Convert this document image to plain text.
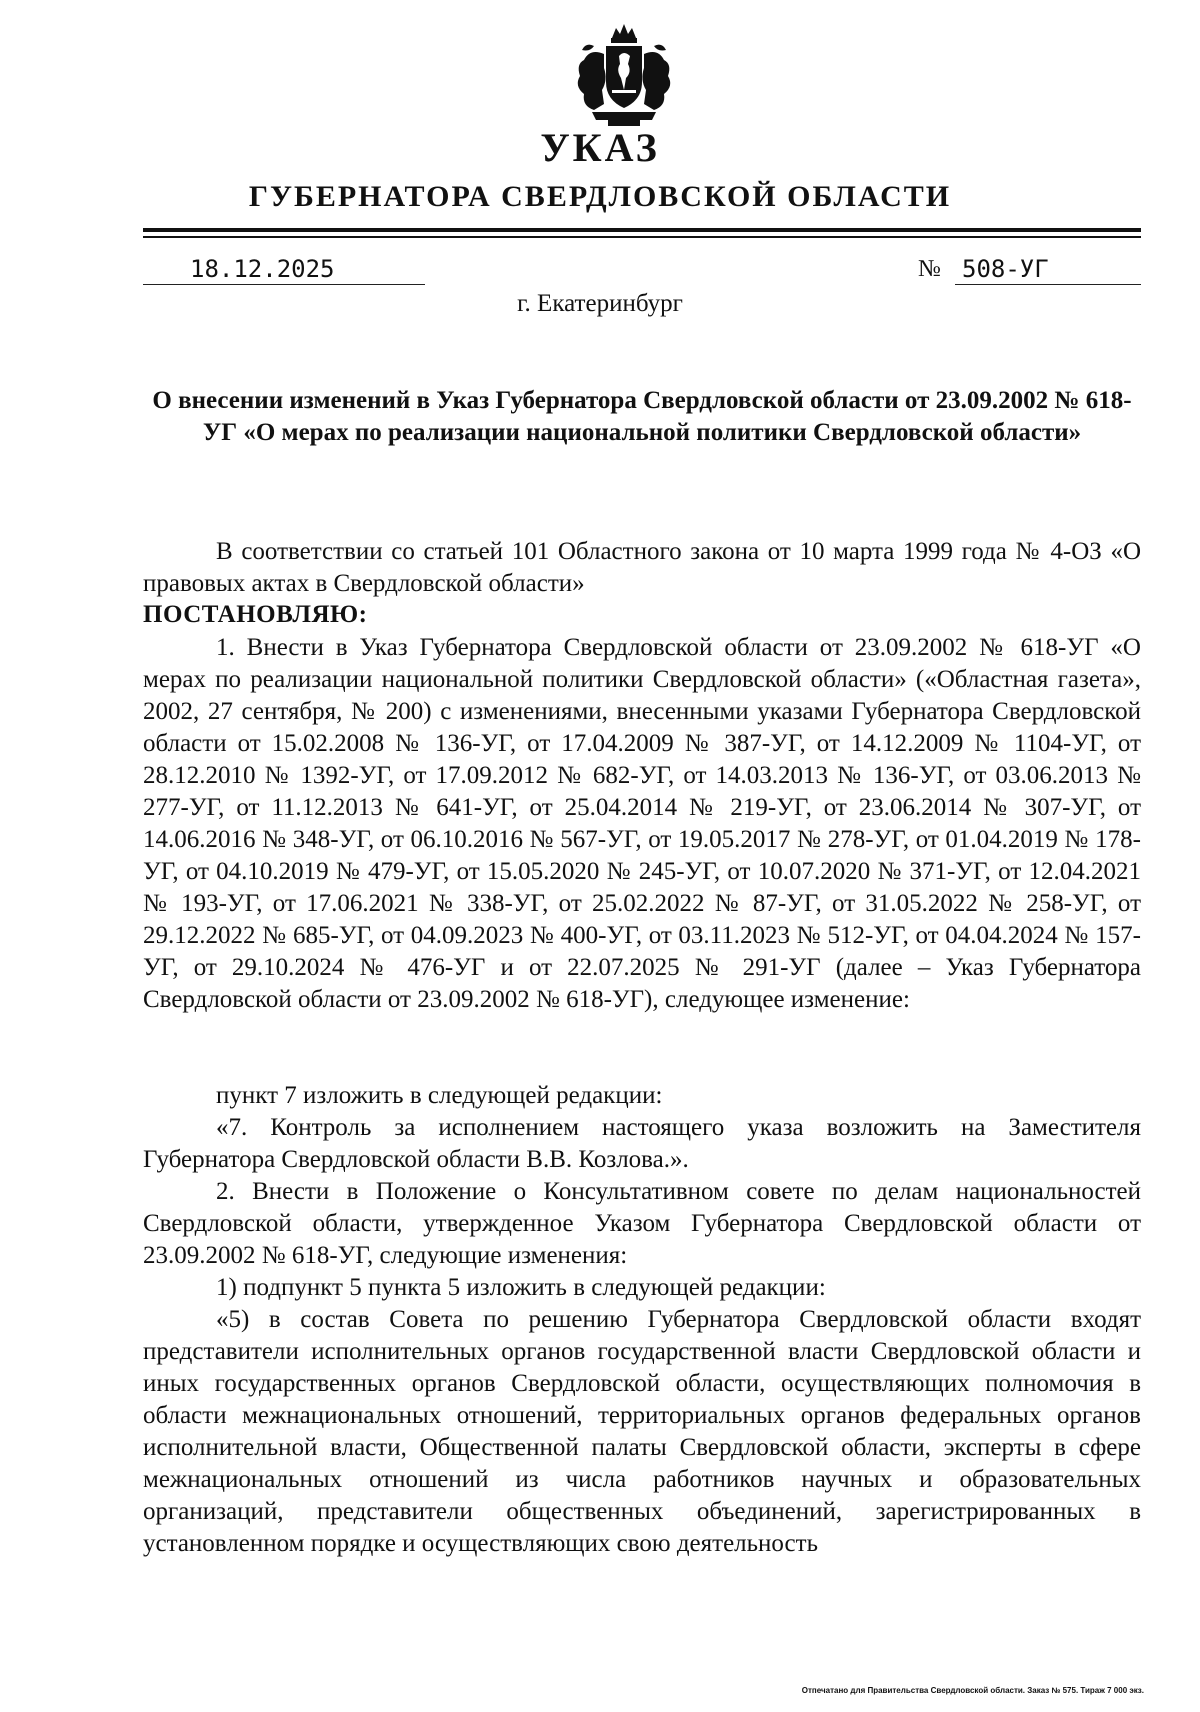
УКАЗ
ГУБЕРНАТОРА СВЕРДЛОВСКОЙ ОБЛАСТИ
18.12.2025	№ 508-УГ
г. Екатеринбург
О внесении изменений в Указ Губернатора Свердловской области от 23.09.2002 № 618-УГ «О мерах по реализации национальной политики Свердловской области»

В соответствии со статьей 101 Областного закона от 10 марта 1999 года № 4-ОЗ «О правовых актах в Свердловской области»

ПОСТАНОВЛЯЮ:

1. Внести в Указ Губернатора Свердловской области от 23.09.2002 № 618-УГ «О мерах по реализации национальной политики Свердловской области» («Областная газета», 2002, 27 сентября, № 200) с изменениями, внесенными указами Губернатора Свердловской области от 15.02.2008 № 136-УГ, от 17.04.2009 № 387-УГ, от 14.12.2009 № 1104-УГ, от 28.12.2010 № 1392-УГ, от 17.09.2012 № 682-УГ, от 14.03.2013 № 136-УГ, от 03.06.2013 № 277-УГ, от 11.12.2013 № 641-УГ, от 25.04.2014 № 219-УГ, от 23.06.2014 № 307-УГ, от 14.06.2016 № 348-УГ, от 06.10.2016 № 567-УГ, от 19.05.2017 № 278-УГ, от 01.04.2019 № 178-УГ, от 04.10.2019 № 479-УГ, от 15.05.2020 № 245-УГ, от 10.07.2020 № 371-УГ, от 12.04.2021 № 193-УГ, от 17.06.2021 № 338-УГ, от 25.02.2022 № 87-УГ, от 31.05.2022 № 258-УГ, от 29.12.2022 № 685-УГ, от 04.09.2023 № 400-УГ, от 03.11.2023 № 512-УГ, от 04.04.2024 № 157-УГ, от 29.10.2024 № 476-УГ и от 22.07.2025 № 291-УГ (далее – Указ Губернатора Свердловской области от 23.09.2002 № 618-УГ), следующее изменение:

пункт 7 изложить в следующей редакции:

«7. Контроль за исполнением настоящего указа возложить на Заместителя Губернатора Свердловской области В.В. Козлова.».

2. Внести в Положение о Консультативном совете по делам национальностей Свердловской области, утвержденное Указом Губернатора Свердловской области от 23.09.2002 № 618-УГ, следующие изменения:

1) подпункт 5 пункта 5 изложить в следующей редакции:

«5) в состав Совета по решению Губернатора Свердловской области входят представители исполнительных органов государственной власти Свердловской области и иных государственных органов Свердловской области, осуществляющих полномочия в области межнациональных отношений, территориальных органов федеральных органов исполнительной власти, Общественной палаты Свердловской области, эксперты в сфере межнациональных отношений из числа работников научных и образовательных организаций, представители общественных объединений, зарегистрированных в установленном порядке и осуществляющих свою деятельность

Отпечатано для Правительства Свердловской области. Заказ № 575. Тираж 7 000 экз.
